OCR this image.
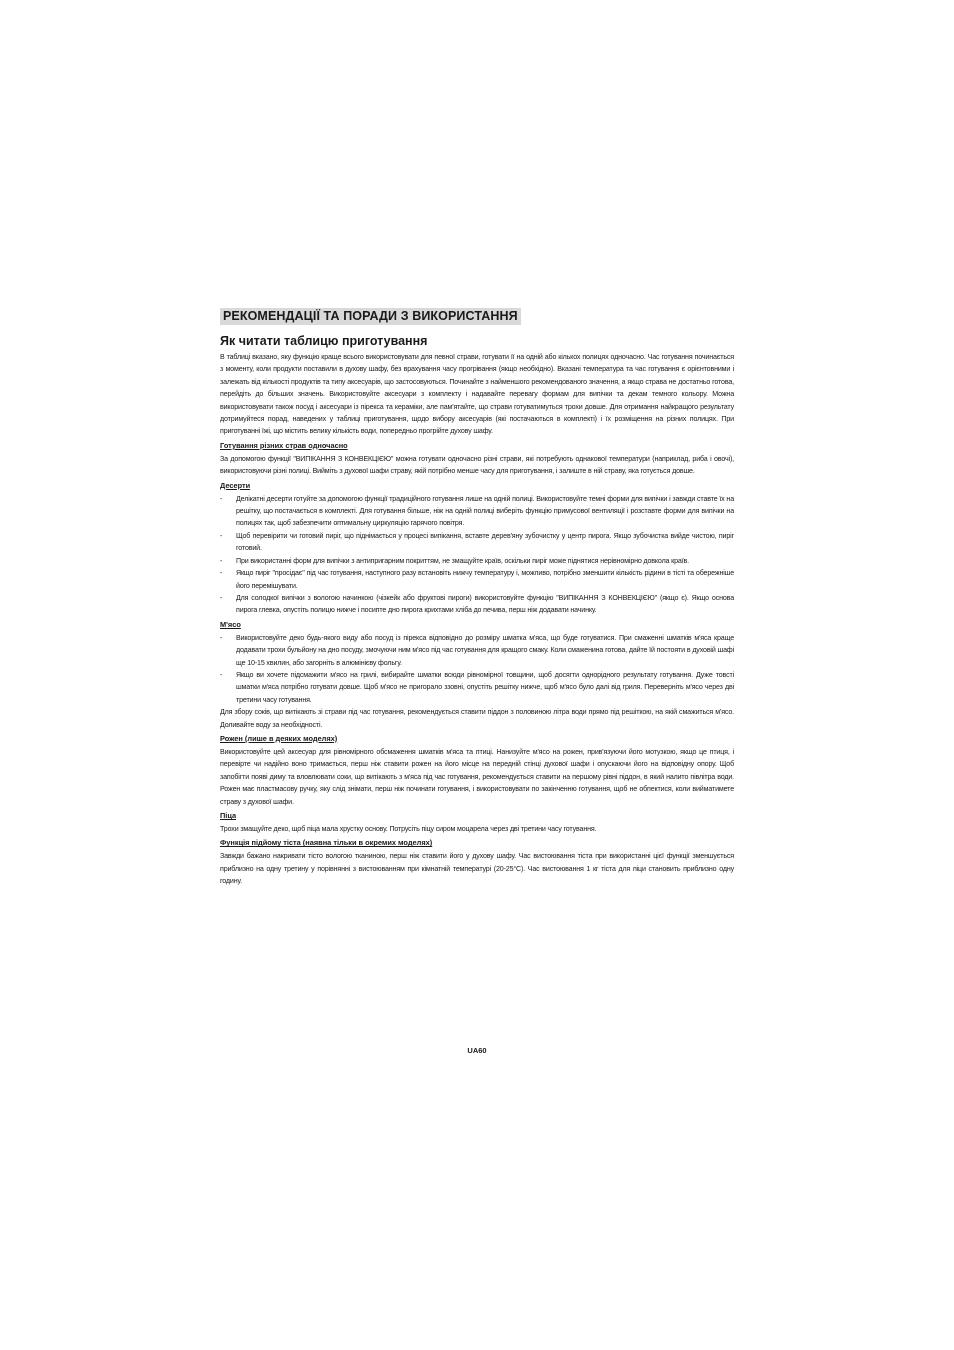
РЕКОМЕНДАЦІЇ ТА ПОРАДИ З ВИКОРИСТАННЯ
Як читати таблицю приготування

В таблиці вказано, яку функцію краще всього використовувати для певної страви, готувати її на одній або кількох полицях одночасно. Час готування починається з моменту, коли продукти поставили в духову шафу, без врахування часу прогрівання (якщо необхідно). Вказані температура та час готування є орієнтовними і залежать від кількості продуктів та типу аксесуарів, що застосовуються. Починайте з найменшого рекомендованого значення, а якщо страва не достатньо готова, перейдіть до більших значень. Використовуйте аксесуари з комплекту і надавайте перевагу формам для випічки та декам темного кольору. Можна використовувати також посуд і аксесуари із пірекса та кераміки, але пам'ятайте, що страви готуватимуться трохи довше. Для отримання найкращого результату дотримуйтеся порад, наведених у таблиці приготування, щодо вибору аксесуарів (які постачаються в комплекті) і їх розміщення на різних полицях. При приготуванні їжі, що містить велику кількість води, попередньо прогрійте духову шафу.

Готування різних страв одночасно

За допомогою функції "ВИПІКАННЯ З КОНВЕКЦІЄЮ" можна готувати одночасно різні страви, які потребують однакової температури (наприклад, риба і овочі), використовуючи різні полиці. Вийміть з духової шафи страву, якій потрібно менше часу для приготування, і залиште в ній страву, яка готується довше.

Десерти
- Делікатні десерти готуйте за допомогою функції традиційного готування лише на одній полиці. Використовуйте темні форми для випічки і завжди ставте їх на решітку, що постачається в комплекті. Для готування більше, ніж на одній полиці виберіть функцію примусової вентиляції і розставте форми для випічки на полицях так, щоб забезпечити оптимальну циркуляцію гарячого повітря.
- Щоб перевірити чи готовий пиріг, що піднімається у процесі випікання, вставте дерев'яну зубочистку у центр пирога. Якщо зубочистка вийде чистою, пиріг готовий.
- При використанні форм для випічки з антипригарним покриттям, не змащуйте країв, оскільки пиріг може піднятися нерівномірно довкола країв.
- Якщо пиріг "просідає" під час готування, наступного разу встановіть нижчу температуру і, можливо, потрібно зменшити кількість рідини в тісті та обережніше його перемішувати.
- Для солодкої випічки з вологою начинкою (чізкейк або фруктові пироги) використовуйте функцію "ВИПІКАННЯ З КОНВЕКЦІЄЮ" (якщо є). Якщо основа пирога глевка, опустіть полицю нижче і посипте дно пирога крихтами хліба до печива, перш ніж додавати начинку.
М'ясо
- Використовуйте деко будь-якого виду або посуд із пірекса відповідно до розміру шматка м'яса, що буде готуватися. При смаженні шматків м'яса краще додавати трохи бульйону на дно посуду, змочуючи ним м'ясо під час готування для кращого смаку. Коли смаженина готова, дайте їй постояти в духовій шафі ще 10-15 хвилин, або загорніть в алюмінієву фольгу.
- Якщо ви хочете підсмажити м'ясо на грилі, вибирайте шматки всюди рівномірної товщини, щоб досягти однорідного результату готування. Дуже товсті шматки м'яса потрібно готувати довше. Щоб м'ясо не пригорало ззовні, опустіть решітку нижче, щоб м'ясо було далі від гриля. Переверніть м'ясо через дві третини часу готування.

Для збору соків, що витікають зі страви під час готування, рекомендується ставити піддон з половиною літра води прямо під решіткою, на якій смажиться м'ясо. Доливайте воду за необхідності.

Рожен (лише в деяких моделях)

Використовуйте цей аксесуар для рівномірного обсмаження шматків м'яса та птиці. Нанизуйте м'ясо на рожен, прив'язуючи його мотузкою, якщо це птиця, і перевірте чи надійно воно тримається, перш ніж ставити рожен на його місце на передній стінці духової шафи і опускаючи його на відповідну опору. Щоб запобігти появі диму та вловлювати соки, що витікають з м'яса під час готування, рекомендується ставити на першому рівні піддон, в який налито півлітра води. Рожен має пластмасову ручку, яку слід знімати, перш ніж починати готування, і використовувати по закінченню готування, щоб не обпектися, коли вийматимете страву з духової шафи.

Піца

Трохи змащуйте деко, щоб піца мала хрустку основу. Потрусіть піцу сиром моцарела через дві третини часу готування.

Функція підйому тіста (наявна тільки в окремих моделях)

Завжди бажано накривати тісто вологою тканиною, перш ніж ставити його у духову шафу. Час вистоювання тіста при використанні цієї функції зменшується приблизно на одну третину у порівнянні з вистоюванням при кімнатній температурі (20-25°C). Час вистоювання 1 кг тіста для піци становить приблизно одну годину.

UA60
